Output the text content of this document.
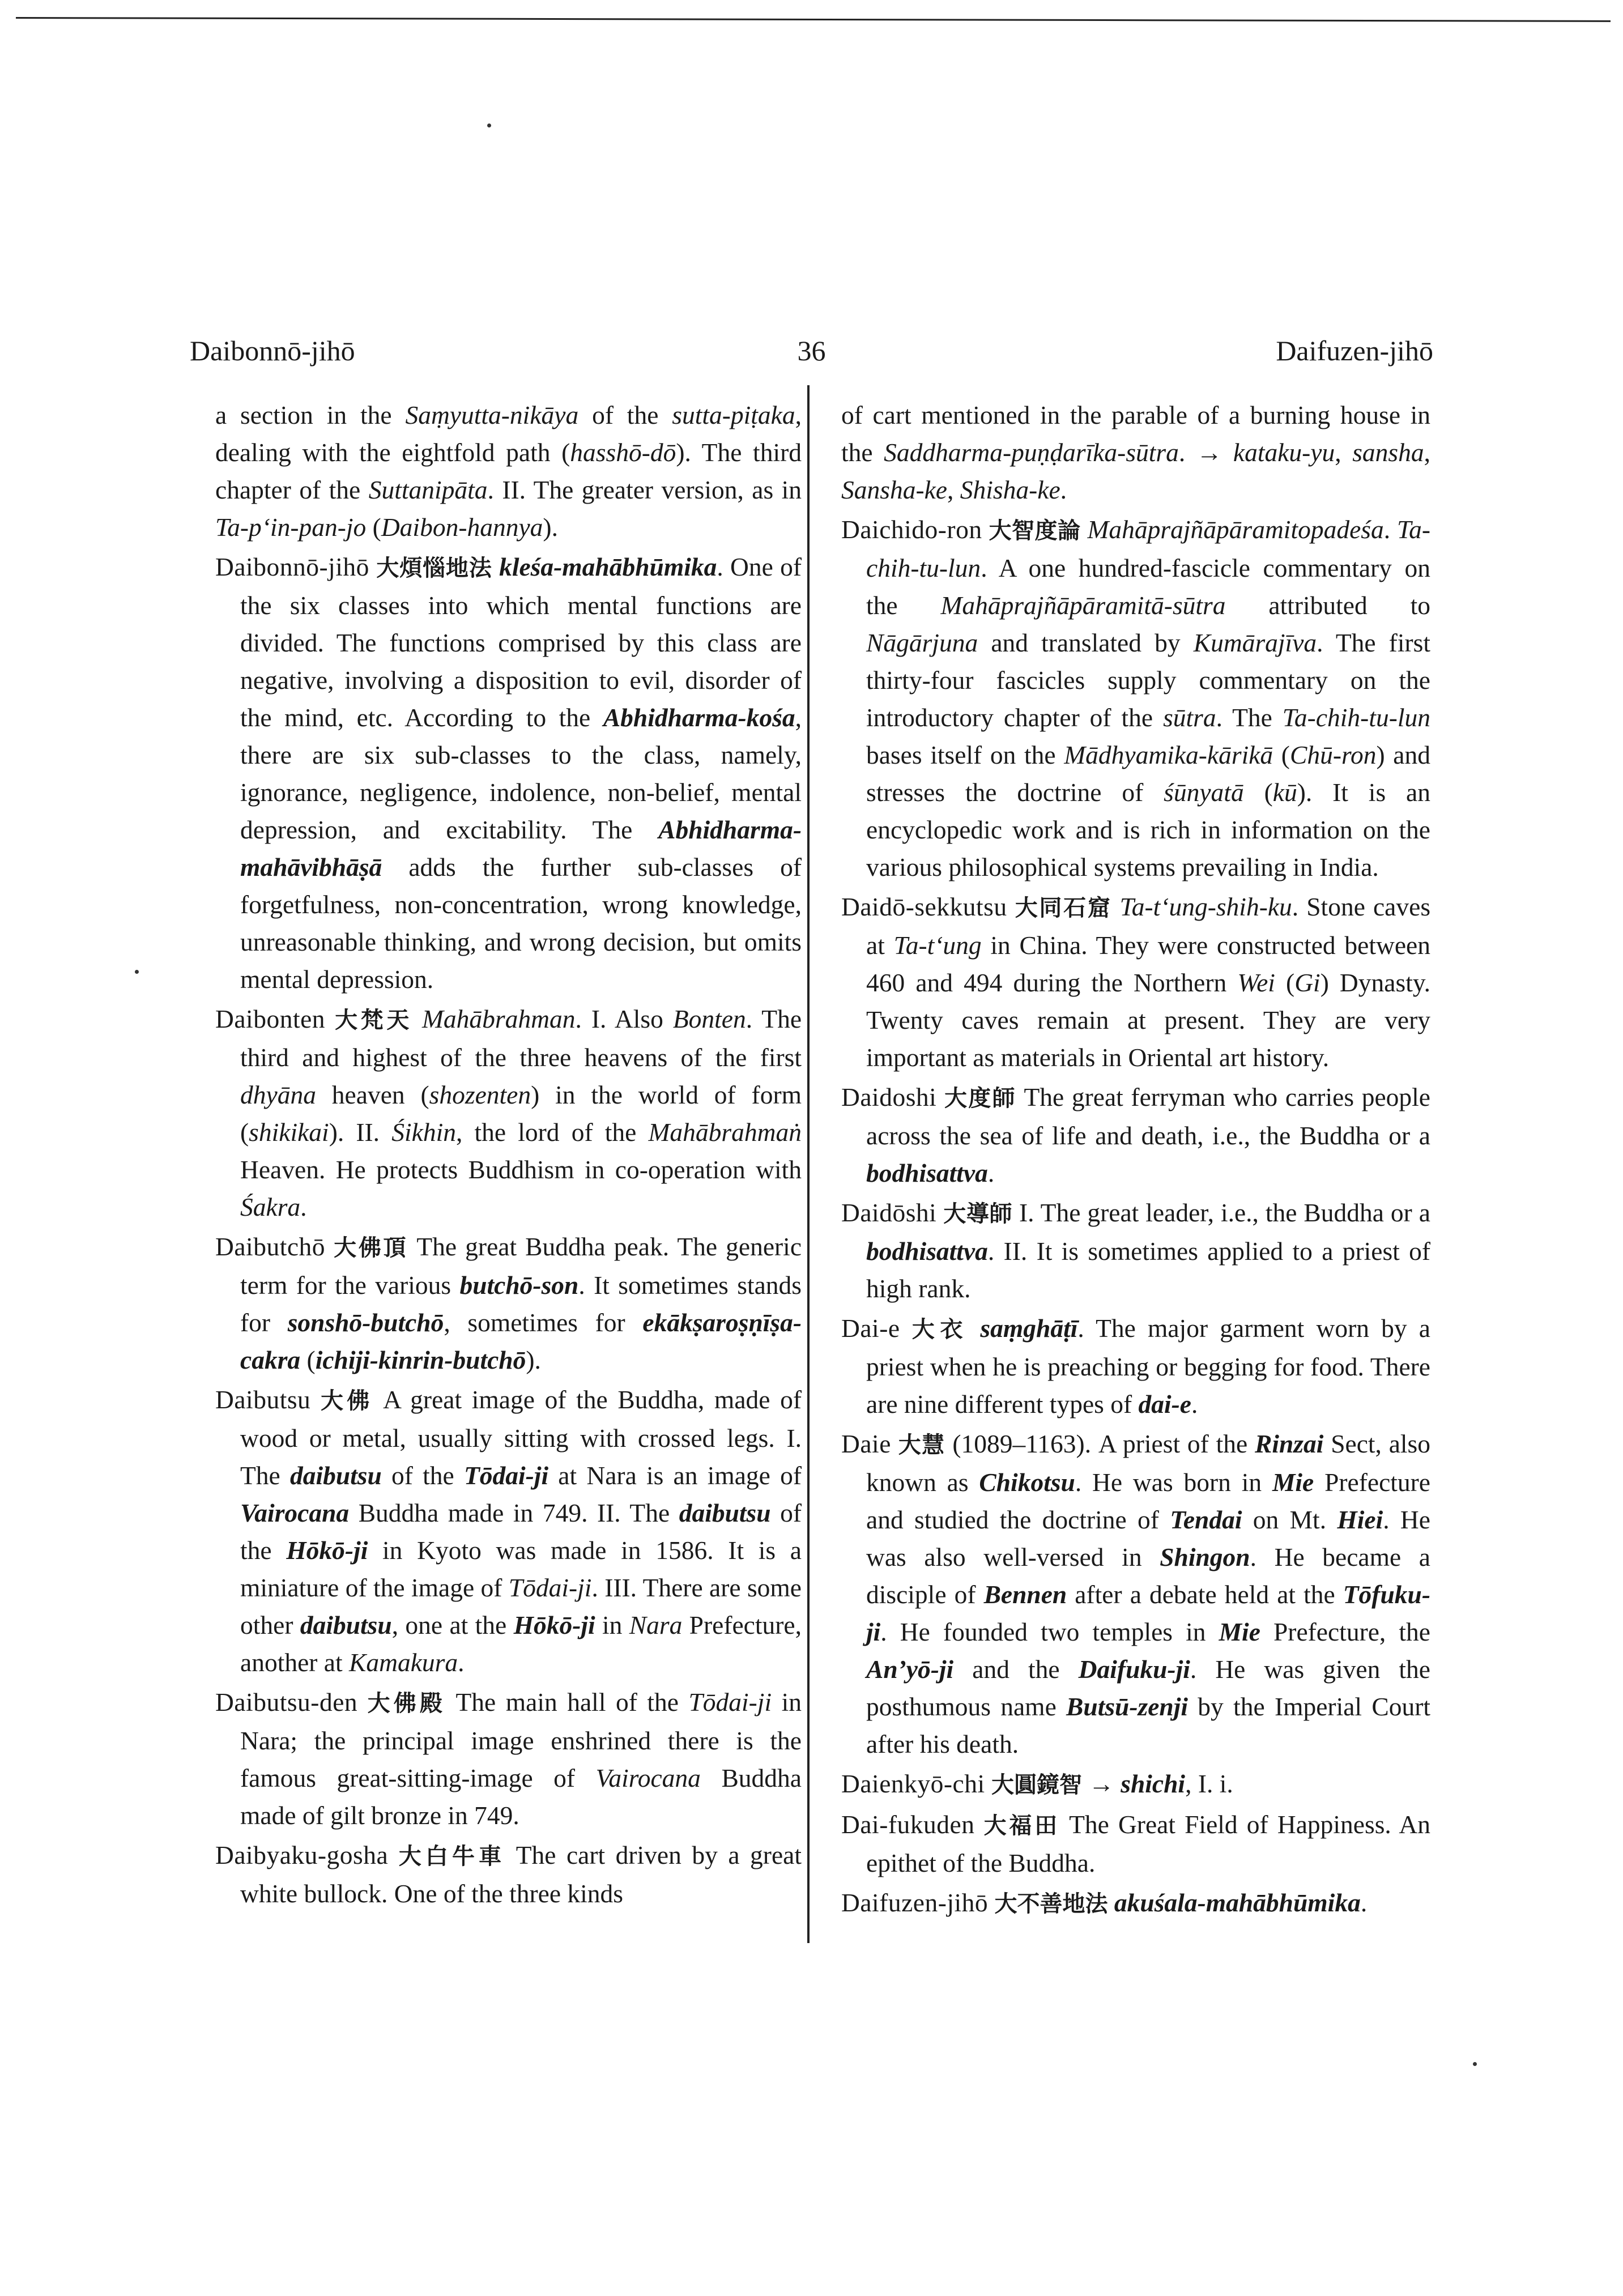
Daibonnō-jihō	36	Daifuzen-jihō

a section in the Saṃyutta-nikāya of the sutta-piṭaka, dealing with the eightfold path (hasshō-dō). The third chapter of the Suttanipāta. II. The greater version, as in Ta-p‘in-pan-jo (Daibon-hannya).

Daibonnō-jihō 大煩惱地法 kleśa-mahābhūmika. One of the six classes into which mental functions are divided. The functions comprised by this class are negative, involving a disposition to evil, disorder of the mind, etc. According to the Abhidharma-kośa, there are six sub-classes to the class, namely, ignorance, negligence, indolence, non-belief, mental depression, and excitability. The Abhidharma-mahāvibhāṣā adds the further sub-classes of forgetfulness, non-concentration, wrong knowledge, unreasonable thinking, and wrong decision, but omits mental depression.

Daibonten 大梵天 Mahābrahman. I. Also Bonten. The third and highest of the three heavens of the first dhyāna heaven (shozenten) in the world of form (shikikai). II. Śikhin, the lord of the Mahābrahmaṅ Heaven. He protects Buddhism in co-operation with Śakra.

Daibutchō 大佛頂 The great Buddha peak. The generic term for the various butchō-son. It sometimes stands for sonshō-butchō, sometimes for ekākṣaroṣṇīṣa-cakra (ichiji-kinrin-butchō).

Daibutsu 大佛 A great image of the Buddha, made of wood or metal, usually sitting with crossed legs. I. The daibutsu of the Tōdai-ji at Nara is an image of Vairocana Buddha made in 749. II. The daibutsu of the Hōkō-ji in Kyoto was made in 1586. It is a miniature of the image of Tōdai-ji. III. There are some other daibutsu, one at the Hōkō-ji in Nara Prefecture, another at Kamakura.

Daibutsu-den 大佛殿 The main hall of the Tōdai-ji in Nara; the principal image enshrined there is the famous great-sitting-image of Vairocana Buddha made of gilt bronze in 749.

Daibyaku-gosha 大白牛車 The cart driven by a great white bullock. One of the three kinds

of cart mentioned in the parable of a burning house in the Saddharma-puṇḍarīka-sūtra. → kataku-yu, sansha, Sansha-ke, Shisha-ke.

Daichido-ron 大智度論 Mahāprajñāpāramitopadeśa. Ta-chih-tu-lun. A one hundred-fascicle commentary on the Mahāprajñāpāramitā-sūtra attributed to Nāgārjuna and translated by Kumārajīva. The first thirty-four fascicles supply commentary on the introductory chapter of the sūtra. The Ta-chih-tu-lun bases itself on the Mādhyamika-kārikā (Chū-ron) and stresses the doctrine of śūnyatā (kū). It is an encyclopedic work and is rich in information on the various philosophical systems prevailing in India.

Daidō-sekkutsu 大同石窟 Ta-t‘ung-shih-ku. Stone caves at Ta-t‘ung in China. They were constructed between 460 and 494 during the Northern Wei (Gi) Dynasty. Twenty caves remain at present. They are very important as materials in Oriental art history.

Daidoshi 大度師 The great ferryman who carries people across the sea of life and death, i.e., the Buddha or a bodhisattva.

Daidōshi 大導師 I. The great leader, i.e., the Buddha or a bodhisattva. II. It is sometimes applied to a priest of high rank.

Dai-e 大衣 saṃghāṭī. The major garment worn by a priest when he is preaching or begging for food. There are nine different types of dai-e.

Daie 大慧 (1089–1163). A priest of the Rinzai Sect, also known as Chikotsu. He was born in Mie Prefecture and studied the doctrine of Tendai on Mt. Hiei. He was also well-versed in Shingon. He became a disciple of Bennen after a debate held at the Tōfuku-ji. He founded two temples in Mie Prefecture, the An’yō-ji and the Daifuku-ji. He was given the posthumous name Butsū-zenji by the Imperial Court after his death.

Daienkyō-chi 大圓鏡智 → shichi, I. i.

Dai-fukuden 大福田 The Great Field of Happiness. An epithet of the Buddha.

Daifuzen-jihō 大不善地法 akuśala-mahābhūmika.
